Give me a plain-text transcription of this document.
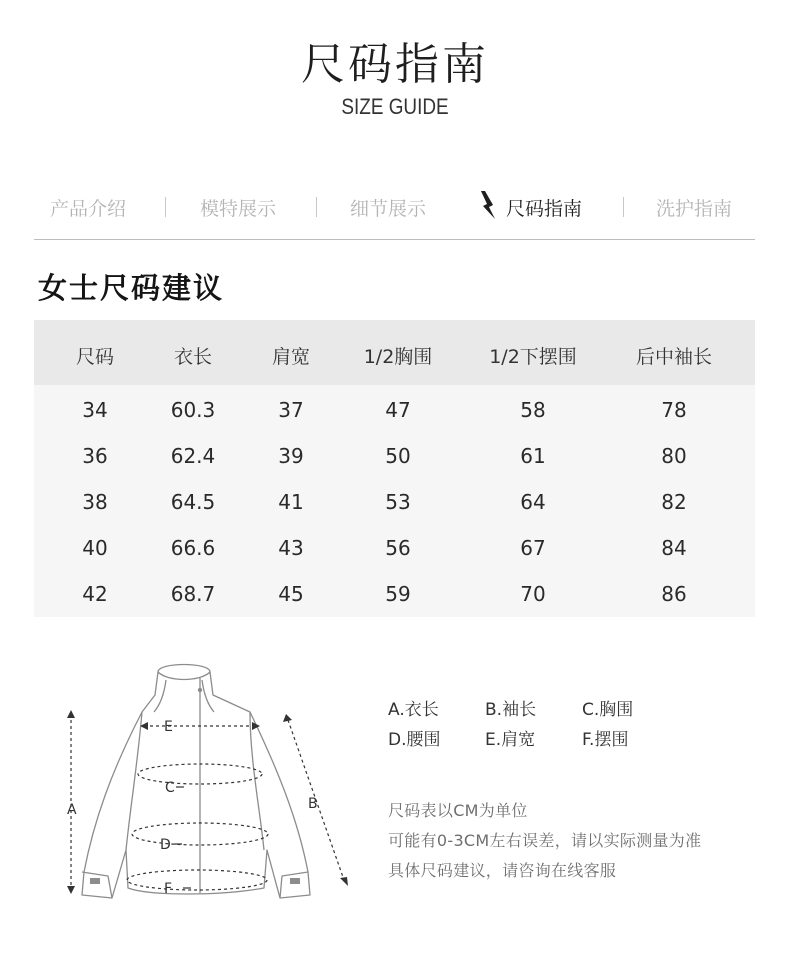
尺码指南
SIZE GUIDE
产品介绍	模特展示	细节展示	尺码指南	洗护指南
女士尺码建议
尺码	衣长	肩宽	1/2胸围	1/2下摆围	后中袖长
34	60.3	37	47	58	78
36	62.4	39	50	61	80
38	64.5	41	53	64	82
40	66.6	43	56	67	84
42	68.7	45	59	70	86
A	B
C
D
E
F
A.衣长	B.袖长	C.胸围
D.腰围	E.肩宽	F.摆围
尺码表以CM为单位
可能有0-3CM左右误差，请以实际测量为准
具体尺码建议，请咨询在线客服
